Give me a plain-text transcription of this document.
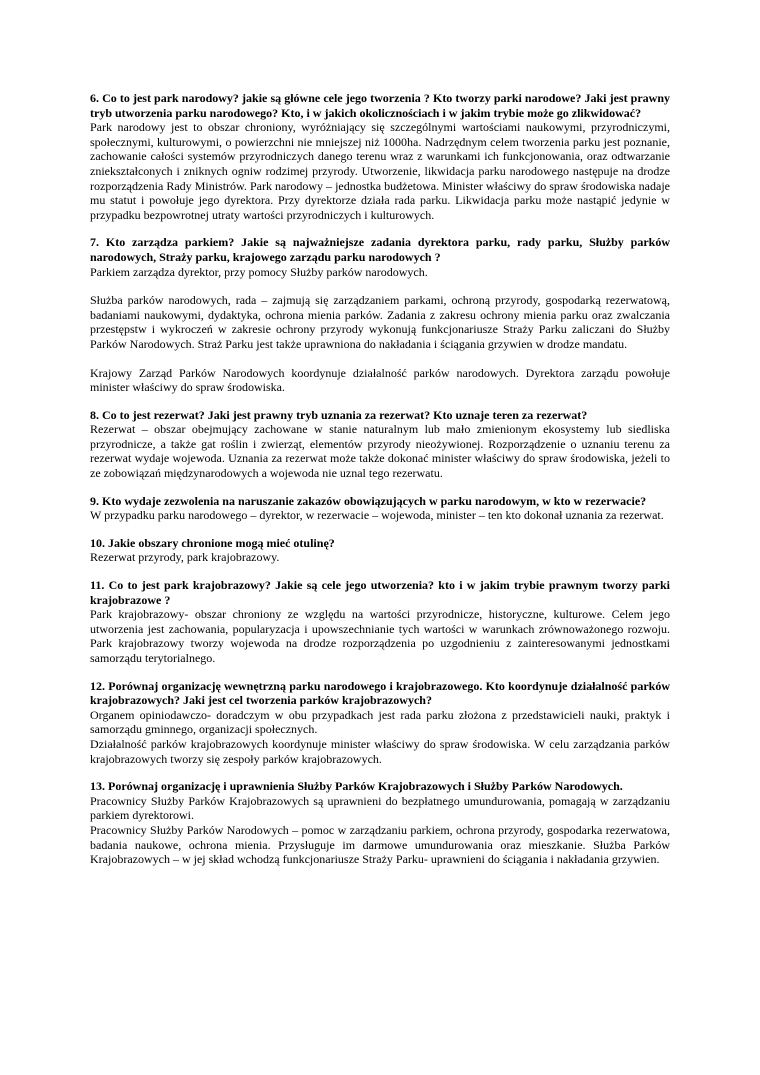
6. Co to jest park narodowy? jakie są główne cele jego tworzenia ? Kto tworzy parki narodowe? Jaki jest prawny tryb utworzenia parku narodowego? Kto, i w jakich okolicznościach i w jakim trybie może go zlikwidować?
Park narodowy jest to obszar chroniony, wyróżniający się szczególnymi wartościami naukowymi, przyrodniczymi, społecznymi, kulturowymi, o powierzchni nie mniejszej niż 1000ha. Nadrzędnym celem tworzenia parku jest poznanie, zachowanie całości systemów przyrodniczych danego terenu wraz z warunkami ich funkcjonowania, oraz odtwarzanie zniekształconych i zniknych ogniw rodzimej przyrody. Utworzenie, likwidacja parku narodowego następuje na drodze rozporządzenia Rady Ministrów. Park narodowy – jednostka budżetowa. Minister właściwy do spraw środowiska nadaje mu statut i powołuje jego dyrektora. Przy dyrektorze działa rada parku. Likwidacja parku może nastąpić jedynie w przypadku bezpowrotnej utraty wartości przyrodniczych i kulturowych.
7. Kto zarządza parkiem? Jakie są najważniejsze zadania dyrektora parku, rady parku, Służby parków narodowych, Straży parku, krajowego zarządu parku narodowych ?
Parkiem zarządza dyrektor, przy pomocy Służby parków narodowych.
Służba parków narodowych, rada – zajmują się zarządzaniem parkami, ochroną przyrody, gospodarką rezerwatową, badaniami naukowymi, dydaktyka, ochrona mienia parków. Zadania z zakresu ochrony mienia parku oraz zwalczania przestępstw i wykroczeń w zakresie ochrony przyrody wykonują funkcjonariusze Straży Parku zaliczani do Służby Parków Narodowych. Straż Parku jest także uprawniona do nakładania i ściągania grzywien w drodze mandatu.
Krajowy Zarząd Parków Narodowych koordynuje działalność parków narodowych. Dyrektora zarządu powołuje minister właściwy do spraw środowiska.
8. Co to jest rezerwat? Jaki jest prawny tryb uznania za rezerwat? Kto uznaje teren za rezerwat?
Rezerwat – obszar obejmujący zachowane w stanie naturalnym lub mało zmienionym ekosystemy lub siedliska przyrodnicze, a także gat roślin i zwierząt, elementów przyrody nieożywionej. Rozporządzenie o uznaniu terenu za rezerwat wydaje wojewoda. Uznania za rezerwat może także dokonać minister właściwy do spraw środowiska, jeżeli to ze zobowiązań międzynarodowych a wojewoda nie uznal tego rezerwatu.
9. Kto wydaje zezwolenia na naruszanie zakazów obowiązujących w parku narodowym, w kto w rezerwacie?
W przypadku parku narodowego – dyrektor, w rezerwacie – wojewoda, minister – ten kto dokonał uznania za rezerwat.
10. Jakie obszary chronione mogą mieć otulinę?
Rezerwat przyrody, park krajobrazowy.
11. Co to jest park krajobrazowy? Jakie są cele jego utworzenia? kto i w jakim trybie prawnym tworzy parki krajobrazowe ?
Park krajobrazowy- obszar chroniony ze względu na wartości przyrodnicze, historyczne, kulturowe. Celem jego utworzenia jest zachowania, popularyzacja i upowszechnianie tych wartości w warunkach zrównoważonego rozwoju. Park krajobrazowy tworzy wojewoda na drodze rozporządzenia po uzgodnieniu z zainteresowanymi jednostkami samorządu terytorialnego.
12. Porównaj organizację wewnętrzną parku narodowego i krajobrazowego. Kto koordynuje działalność parków krajobrazowych? Jaki jest cel tworzenia parków krajobrazowych?
Organem opiniodawczo- doradczym w obu przypadkach jest rada parku złożona z przedstawicieli nauki, praktyk i samorządu gminnego, organizacji społecznych.
Działalność parków krajobrazowych koordynuje minister właściwy do spraw środowiska. W celu zarządzania parków krajobrazowych tworzy się zespoły parków krajobrazowych.
13. Porównaj organizację i uprawnienia Służby Parków Krajobrazowych i Służby Parków Narodowych.
Pracownicy Służby Parków Krajobrazowych są uprawnieni do bezpłatnego umundurowania, pomagają w zarządzaniu parkiem dyrektorowi.
Pracownicy Służby Parków Narodowych – pomoc w zarządzaniu parkiem, ochrona przyrody, gospodarka rezerwatowa, badania naukowe, ochrona mienia. Przysługuje im darmowe umundurowania oraz mieszkanie. Służba Parków Krajobrazowych – w jej skład wchodzą funkcjonariusze Straży Parku- uprawnieni do ściągania i nakładania grzywien.
